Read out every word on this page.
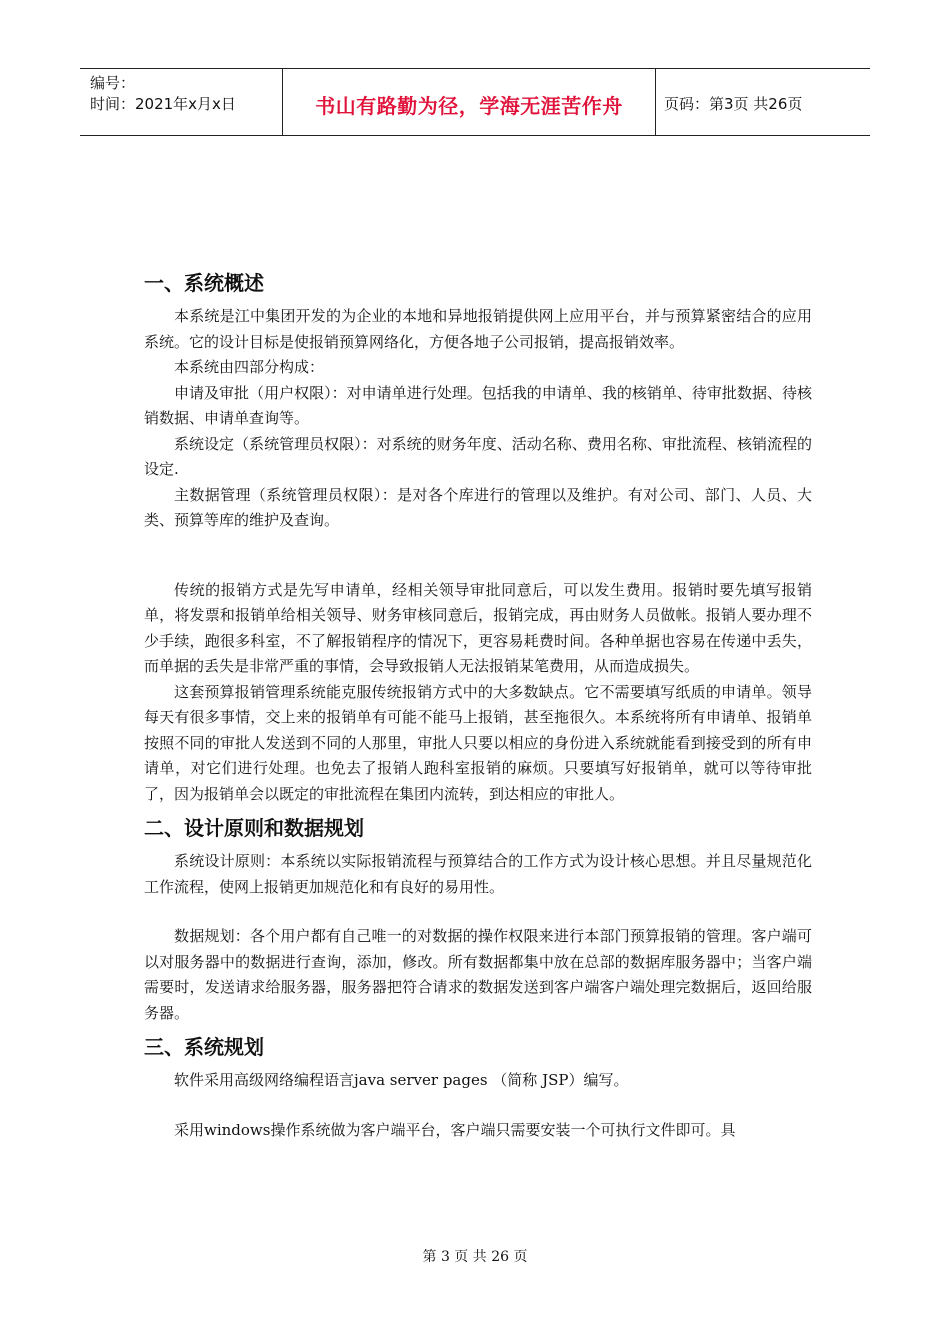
编号：
时间：2021年x月x日	书山有路勤为径，学海无涯苦作舟	页码：第3页 共26页
一、系统概述

本系统是江中集团开发的为企业的本地和异地报销提供网上应用平台，并与预算紧密结合的应用系统。它的设计目标是使报销预算网络化，方便各地子公司报销，提高报销效率。

本系统由四部分构成：

申请及审批（用户权限）：对申请单进行处理。包括我的申请单、我的核销单、待审批数据、待核销数据、申请单查询等。

系统设定（系统管理员权限）：对系统的财务年度、活动名称、费用名称、审批流程、核销流程的设定.

主数据管理（系统管理员权限）：是对各个库进行的管理以及维护。有对公司、部门、人员、大类、预算等库的维护及查询。

传统的报销方式是先写申请单，经相关领导审批同意后，可以发生费用。报销时要先填写报销单，将发票和报销单给相关领导、财务审核同意后，报销完成，再由财务人员做帐。报销人要办理不少手续，跑很多科室，不了解报销程序的情况下，更容易耗费时间。各种单据也容易在传递中丢失，而单据的丢失是非常严重的事情，会导致报销人无法报销某笔费用，从而造成损失。

这套预算报销管理系统能克服传统报销方式中的大多数缺点。它不需要填写纸质的申请单。领导每天有很多事情，交上来的报销单有可能不能马上报销，甚至拖很久。本系统将所有申请单、报销单按照不同的审批人发送到不同的人那里，审批人只要以相应的身份进入系统就能看到接受到的所有申请单，对它们进行处理。也免去了报销人跑科室报销的麻烦。只要填写好报销单，就可以等待审批了，因为报销单会以既定的审批流程在集团内流转，到达相应的审批人。

二、设计原则和数据规划

系统设计原则：本系统以实际报销流程与预算结合的工作方式为设计核心思想。并且尽量规范化工作流程，使网上报销更加规范化和有良好的易用性。

数据规划：各个用户都有自己唯一的对数据的操作权限来进行本部门预算报销的管理。客户端可以对服务器中的数据进行查询，添加，修改。所有数据都集中放在总部的数据库服务器中；当客户端需要时，发送请求给服务器，服务器把符合请求的数据发送到客户端客户端处理完数据后，返回给服务器。

三、系统规划

软件采用高级网络编程语言java server pages （简称 JSP）编写。

采用windows操作系统做为客户端平台，客户端只需要安装一个可执行文件即可。具

第 3 页 共 26 页
